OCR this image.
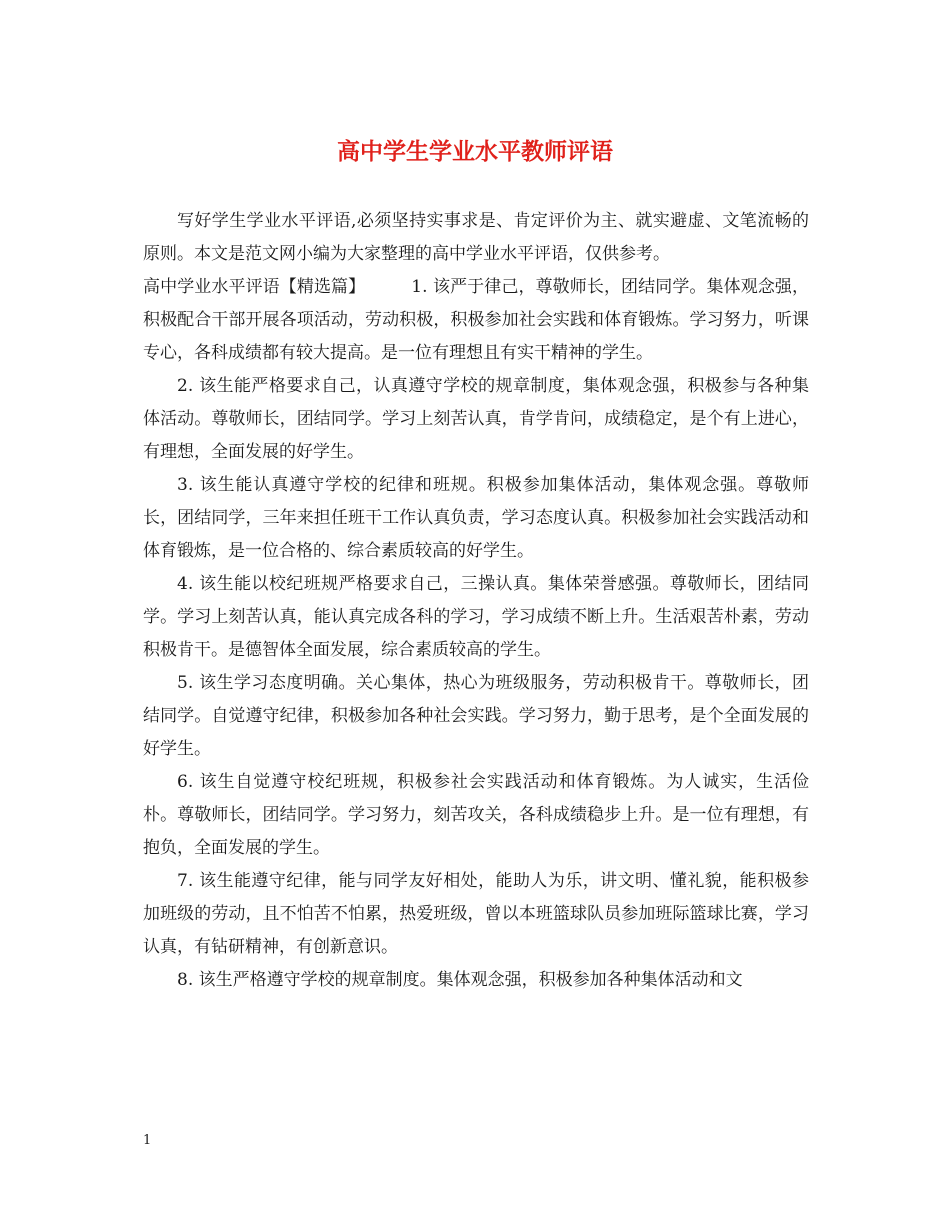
高中学生学业水平教师评语

写好学生学业水平评语,必须坚持实事求是、肯定评价为主、就实避虚、文笔流畅的原则。本文是范文网小编为大家整理的高中学业水平评语，仅供参考。

高中学业水平评语【精选篇】	1. 该严于律己，尊敬师长，团结同学。集体观念强，积极配合干部开展各项活动，劳动积极，积极参加社会实践和体育锻炼。学习努力，听课专心，各科成绩都有较大提高。是一位有理想且有实干精神的学生。

2. 该生能严格要求自己，认真遵守学校的规章制度，集体观念强，积极参与各种集体活动。尊敬师长，团结同学。学习上刻苦认真，肯学肯问，成绩稳定，是个有上进心，有理想，全面发展的好学生。

3. 该生能认真遵守学校的纪律和班规。积极参加集体活动，集体观念强。尊敬师长，团结同学，三年来担任班干工作认真负责，学习态度认真。积极参加社会实践活动和体育锻炼，是一位合格的、综合素质较高的好学生。

4. 该生能以校纪班规严格要求自己，三操认真。集体荣誉感强。尊敬师长，团结同学。学习上刻苦认真，能认真完成各科的学习，学习成绩不断上升。生活艰苦朴素，劳动积极肯干。是德智体全面发展，综合素质较高的学生。

5. 该生学习态度明确。关心集体，热心为班级服务，劳动积极肯干。尊敬师长，团结同学。自觉遵守纪律，积极参加各种社会实践。学习努力，勤于思考，是个全面发展的好学生。

6. 该生自觉遵守校纪班规，积极参社会实践活动和体育锻炼。为人诚实，生活俭朴。尊敬师长，团结同学。学习努力，刻苦攻关，各科成绩稳步上升。是一位有理想，有抱负，全面发展的学生。

7. 该生能遵守纪律，能与同学友好相处，能助人为乐，讲文明、懂礼貌，能积极参加班级的劳动，且不怕苦不怕累，热爱班级，曾以本班篮球队员参加班际篮球比赛，学习认真，有钻研精神，有创新意识。

8. 该生严格遵守学校的规章制度。集体观念强，积极参加各种集体活动和文

1
